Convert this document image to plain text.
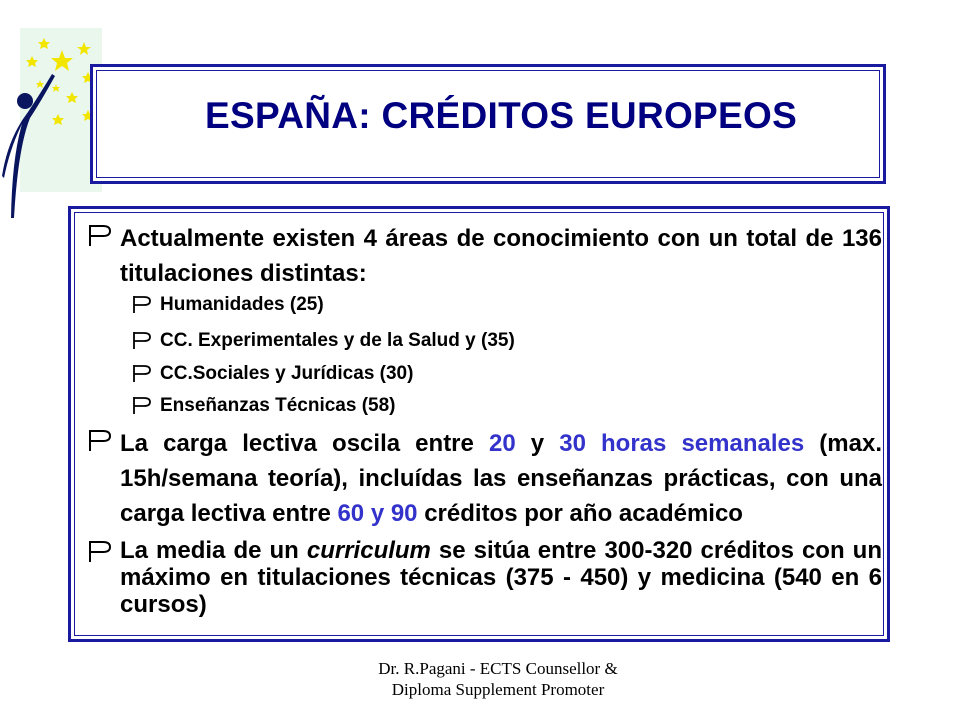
ESPAÑA: CRÉDITOS EUROPEOS
Actualmente existen 4 áreas de conocimiento con un total de 136 titulaciones distintas:
Humanidades (25)
CC. Experimentales y de la Salud y (35)
CC.Sociales y Jurídicas (30)
Enseñanzas Técnicas (58)
La carga lectiva oscila entre 20 y 30 horas semanales (max. 15h/semana teoría), incluídas las enseñanzas prácticas, con una carga lectiva entre 60 y 90 créditos por año académico
La media de un curriculum se sitúa entre 300-320 créditos con un máximo en titulaciones técnicas (375 - 450) y medicina (540 en 6 cursos)
Dr. R.Pagani - ECTS Counsellor &
Diploma Supplement Promoter
